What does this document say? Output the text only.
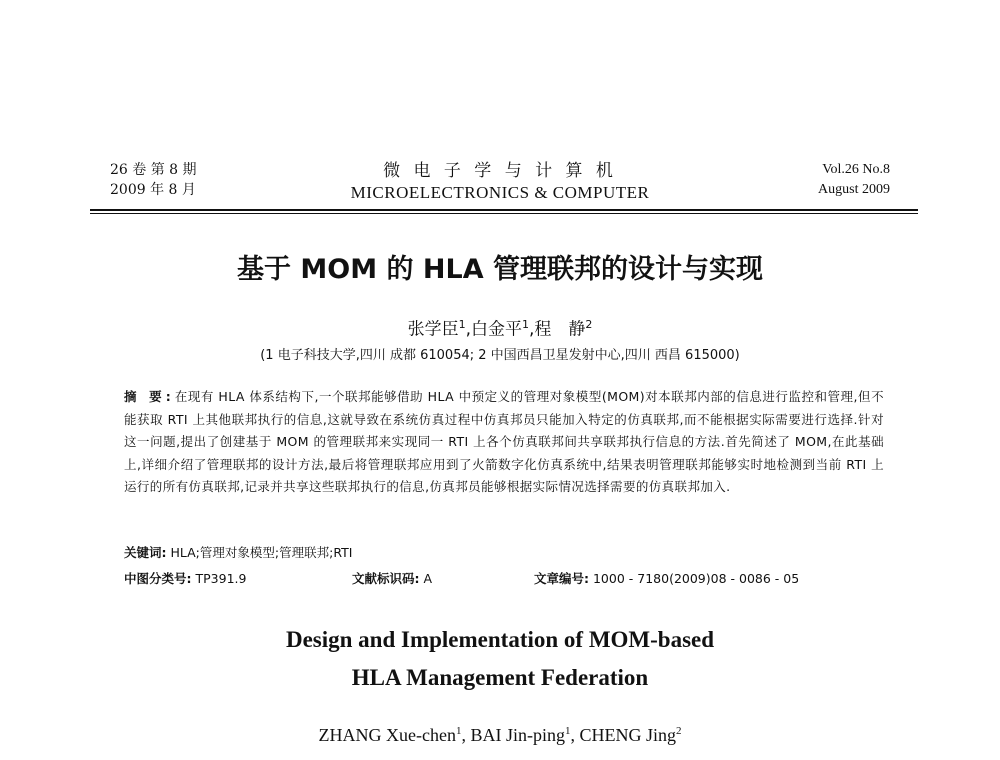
26 卷 第 8 期
2009 年 8 月
微 电 子 学 与 计 算 机
MICROELECTRONICS & COMPUTER
Vol.26 No.8
August 2009
基于 MOM 的 HLA 管理联邦的设计与实现
张学臣$^1$,白金平$^1$,程　静$^2$
(1 电子科技大学,四川 成都 610054; 2 中国西昌卫星发射中心,四川 西昌 615000)
摘 要:在现有 HLA 体系结构下,一个联邦能够借助 HLA 中预定义的管理对象模型(MOM)对本联邦内部的信息进行监控和管理,但不能获取 RTI 上其他联邦执行的信息,这就导致在系统仿真过程中仿真邦员只能加入特定的仿真联邦,而不能根据实际需要进行选择.针对这一问题,提出了创建基于 MOM 的管理联邦来实现同一 RTI 上各个仿真联邦间共享联邦执行信息的方法.首先简述了 MOM,在此基础上,详细介绍了管理联邦的设计方法,最后将管理联邦应用到了火箭数字化仿真系统中,结果表明管理联邦能够实时地检测到当前 RTI 上运行的所有仿真联邦,记录并共享这些联邦执行的信息,仿真邦员能够根据实际情况选择需要的仿真联邦加入.
关键词: HLA;管理对象模型;管理联邦;RTI
中图分类号: TP391.9	文献标识码: A	文章编号: 1000 - 7180(2009)08 - 0086 - 05
Design and Implementation of MOM-based
HLA Management Federation
ZHANG Xue-chen$^1$, BAI Jin-ping$^1$, CHENG Jing$^2$
